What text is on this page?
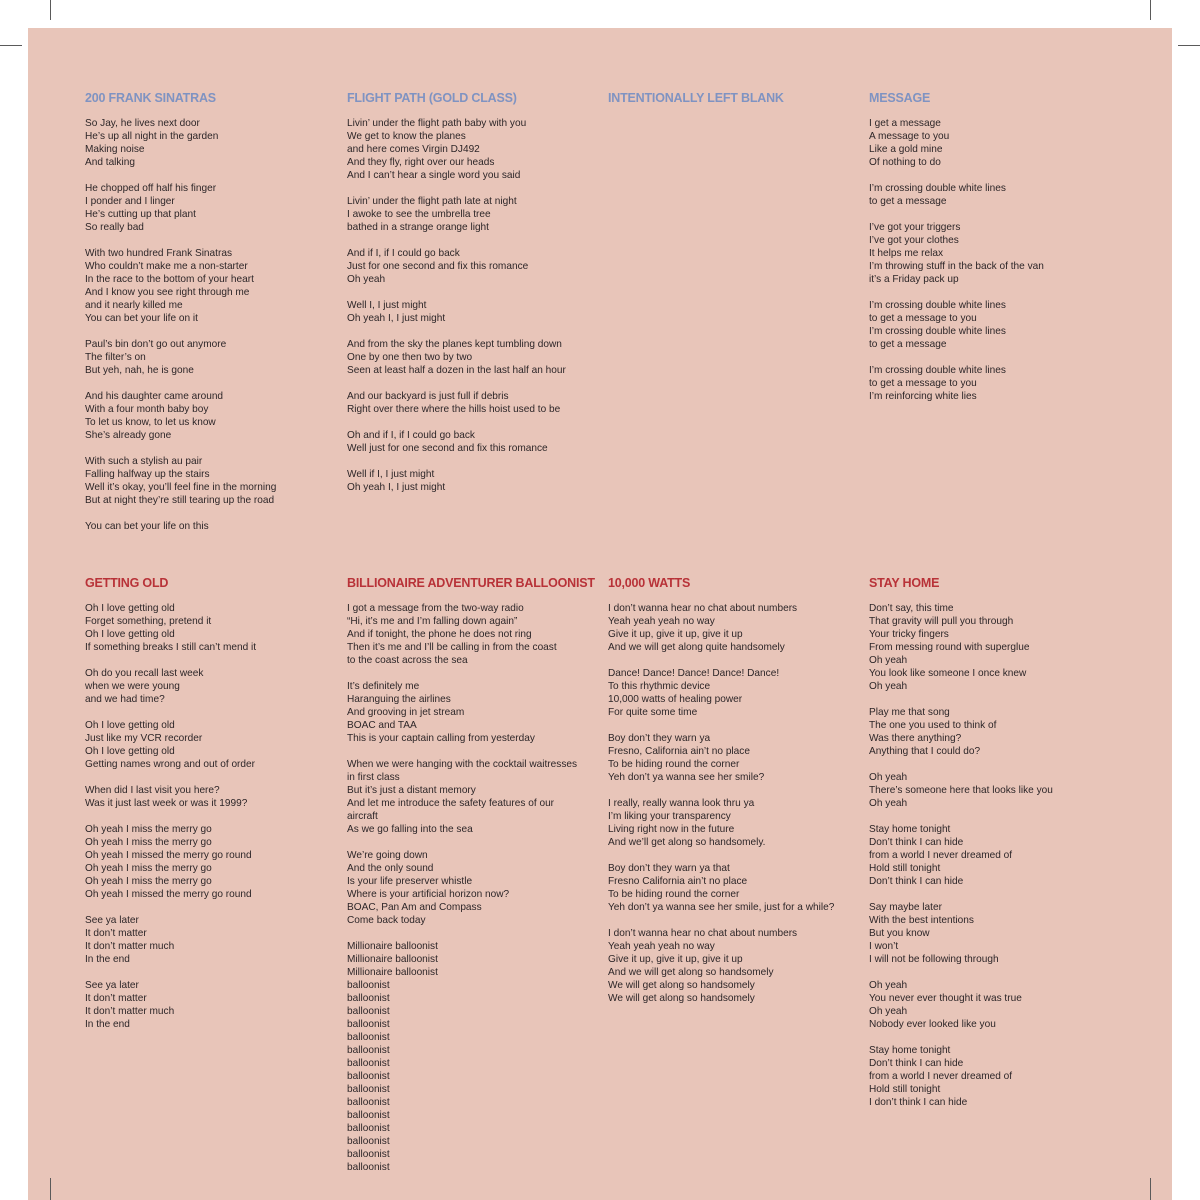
200 FRANK SINATRAS
So Jay, he lives next door
He’s up all night in the garden
Making noise
And talking
He chopped off half his finger
I ponder and I linger
He’s cutting up that plant
So really bad
With two hundred Frank Sinatras
Who couldn’t make me a non-starter
In the race to the bottom of your heart
And I know you see right through me
and it nearly killed me
You can bet your life on it
Paul’s bin don’t go out anymore
The filter’s on
But yeh, nah, he is gone
And his daughter came around
With a four month baby boy
To let us know, to let us know
She’s already gone
With such a stylish au pair
Falling halfway up the stairs
Well it’s okay, you’ll feel fine in the morning
But at night they’re still tearing up the road
You can bet your life on this
FLIGHT PATH (GOLD CLASS)
Livin’ under the flight path baby with you
We get to know the planes
and here comes Virgin DJ492
And they fly, right over our heads
And I can’t hear a single word you said
Livin’ under the flight path late at night
I awoke to see the umbrella tree
bathed in a strange orange light
And if I, if I could go back
Just for one second and fix this romance
Oh yeah
Well I, I just might
Oh yeah I, I just might
And from the sky the planes kept tumbling down
One by one then two by two
Seen at least half a dozen in the last half an hour
And our backyard is just full if debris
Right over there where the hills hoist used to be
Oh and if I, if I could go back
Well just for one second and fix this romance
Well if I, I just might
Oh yeah I, I just might
INTENTIONALLY LEFT BLANK	MESSAGE
I get a message
A message to you
Like a gold mine
Of nothing to do
I’m crossing double white lines
to get a message
I’ve got your triggers
I’ve got your clothes
It helps me relax
I’m throwing stuff in the back of the van
it’s a Friday pack up
I’m crossing double white lines
to get a message to you
I’m crossing double white lines
to get a message
I’m crossing double white lines
to get a message to you
I’m reinforcing white lies
GETTING OLD
Oh I love getting old
Forget something, pretend it
Oh I love getting old
If something breaks I still can’t mend it
Oh do you recall last week
when we were young
and we had time?
Oh I love getting old
Just like my VCR recorder
Oh I love getting old
Getting names wrong and out of order
When did I last visit you here?
Was it just last week or was it 1999?
Oh yeah I miss the merry go
Oh yeah I miss the merry go
Oh yeah I missed the merry go round
Oh yeah I miss the merry go
Oh yeah I miss the merry go
Oh yeah I missed the merry go round
See ya later
It don’t matter
It don’t matter much
In the end
See ya later
It don’t matter
It don’t matter much
In the end
BILLIONAIRE ADVENTURER BALLOONIST
I got a message from the two-way radio
“Hi, it’s me and I’m falling down again”
And if tonight, the phone he does not ring
Then it’s me and I’ll be calling in from the coast
to the coast across the sea
It’s definitely me
Haranguing the airlines
And grooving in jet stream
BOAC and TAA
This is your captain calling from yesterday
When we were hanging with the cocktail waitresses
in first class
But it’s just a distant memory
And let me introduce the safety features of our
aircraft
As we go falling into the sea
We’re going down
And the only sound
Is your life preserver whistle
Where is your artificial horizon now?
BOAC, Pan Am and Compass
Come back today
Millionaire balloonist
Millionaire balloonist
Millionaire balloonist
balloonist
balloonist
balloonist
balloonist
balloonist
balloonist
balloonist
balloonist
balloonist
balloonist
balloonist
balloonist
balloonist
balloonist
balloonist
10,000 WATTS
I don’t wanna hear no chat about numbers
Yeah yeah yeah no way
Give it up, give it up, give it up
And we will get along quite handsomely
Dance! Dance! Dance! Dance! Dance!
To this rhythmic device
10,000 watts of healing power
For quite some time
Boy don’t they warn ya
Fresno, California ain’t no place
To be hiding round the corner
Yeh don’t ya wanna see her smile?
I really, really wanna look thru ya
I’m liking your transparency
Living right now in the future
And we’ll get along so handsomely.
Boy don’t they warn ya that
Fresno California ain’t no place
To be hiding round the corner
Yeh don’t ya wanna see her smile, just for a while?
I don’t wanna hear no chat about numbers
Yeah yeah yeah no way
Give it up, give it up, give it up
And we will get along so handsomely
We will get along so handsomely
We will get along so handsomely
STAY HOME
Don’t say, this time
That gravity will pull you through
Your tricky fingers
From messing round with superglue
Oh yeah
You look like someone I once knew
Oh yeah
Play me that song
The one you used to think of
Was there anything?
Anything that I could do?
Oh yeah
There’s someone here that looks like you
Oh yeah
Stay home tonight
Don’t think I can hide
from a world I never dreamed of
Hold still tonight
Don’t think I can hide
Say maybe later
With the best intentions
But you know
I won’t
I will not be following through
Oh yeah
You never ever thought it was true
Oh yeah
Nobody ever looked like you
Stay home tonight
Don’t think I can hide
from a world I never dreamed of
Hold still tonight
I don’t think I can hide
